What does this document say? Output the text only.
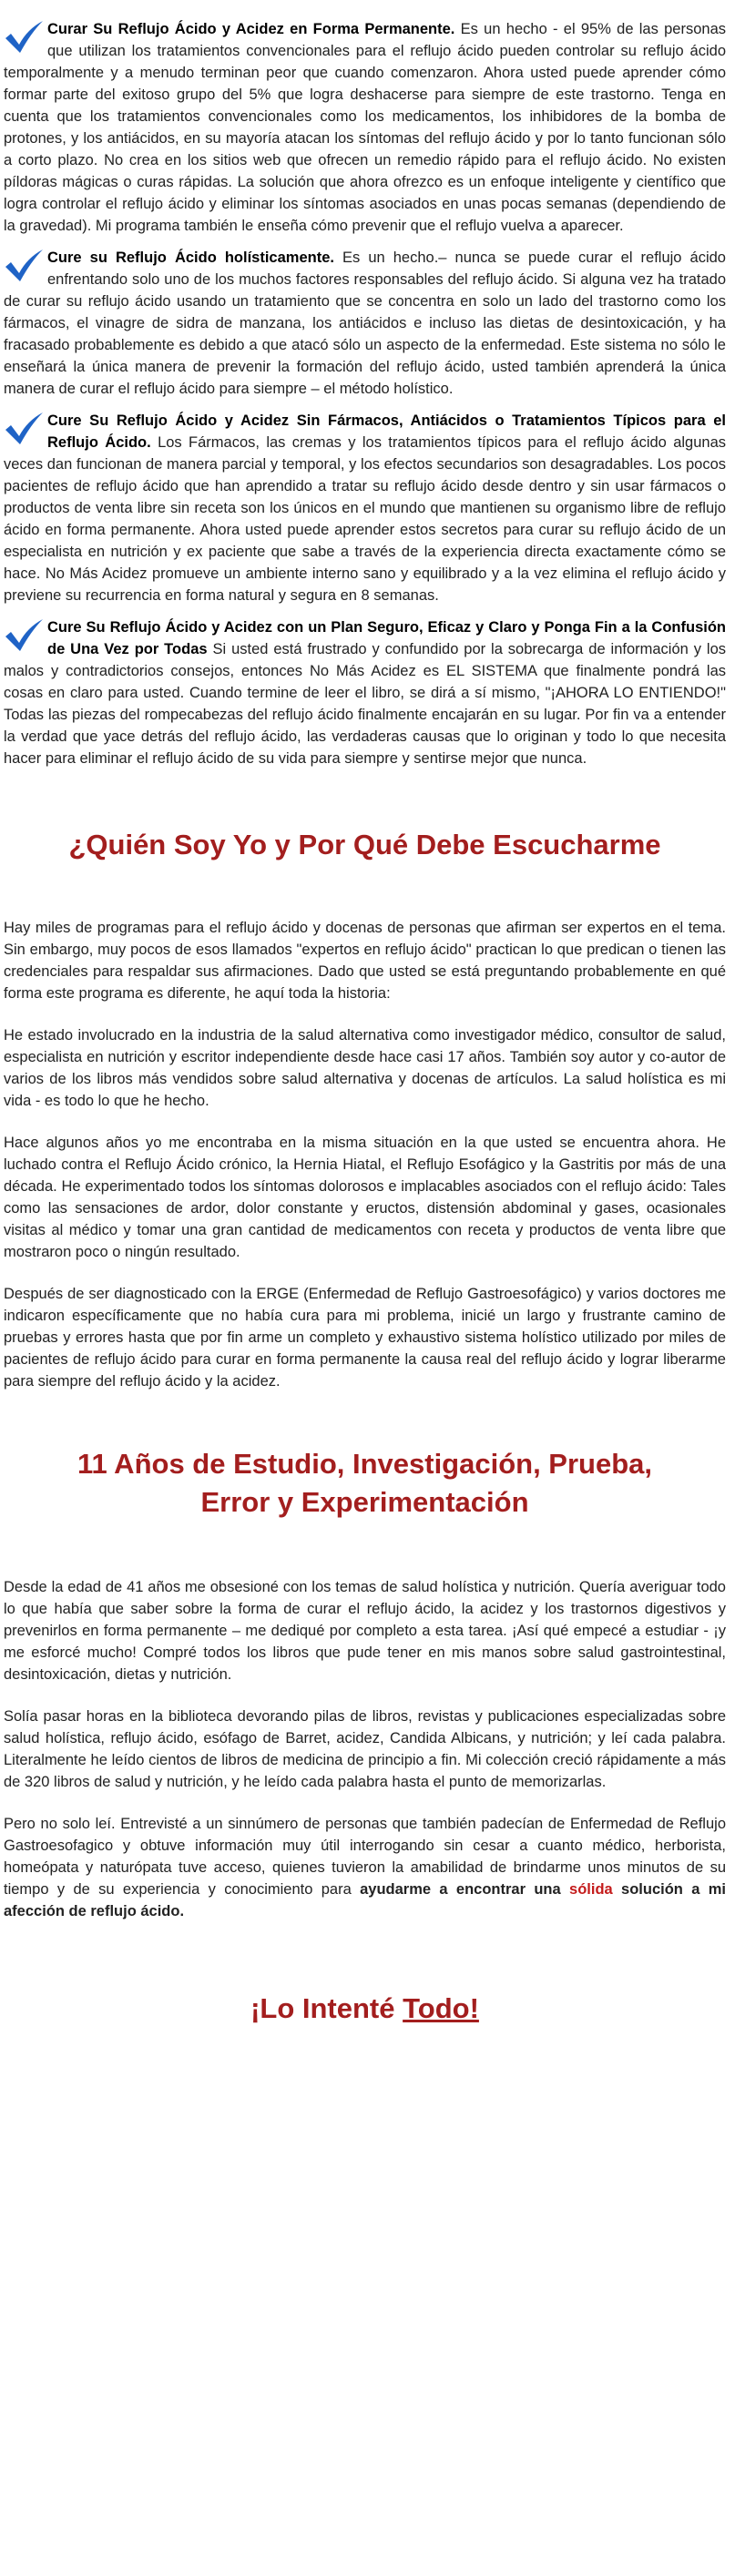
Curar Su Reflujo Ácido y Acidez en Forma Permanente. Es un hecho - el 95% de las personas que utilizan los tratamientos convencionales para el reflujo ácido pueden controlar su reflujo ácido temporalmente y a menudo terminan peor que cuando comenzaron. Ahora usted puede aprender cómo formar parte del exitoso grupo del 5% que logra deshacerse para siempre de este trastorno. Tenga en cuenta que los tratamientos convencionales como los medicamentos, los inhibidores de la bomba de protones, y los antiácidos, en su mayoría atacan los síntomas del reflujo ácido y por lo tanto funcionan sólo a corto plazo. No crea en los sitios web que ofrecen un remedio rápido para el reflujo ácido. No existen píldoras mágicas o curas rápidas. La solución que ahora ofrezco es un enfoque inteligente y científico que logra controlar el reflujo ácido y eliminar los síntomas asociados en unas pocas semanas (dependiendo de la gravedad). Mi programa también le enseña cómo prevenir que el reflujo vuelva a aparecer.

Cure su Reflujo Ácido holísticamente. Es un hecho.– nunca se puede curar el reflujo ácido enfrentando solo uno de los muchos factores responsables del reflujo ácido. Si alguna vez ha tratado de curar su reflujo ácido usando un tratamiento que se concentra en solo un lado del trastorno como los fármacos, el vinagre de sidra de manzana, los antiácidos e incluso las dietas de desintoxicación, y ha fracasado probablemente es debido a que atacó sólo un aspecto de la enfermedad. Este sistema no sólo le enseñará la única manera de prevenir la formación del reflujo ácido, usted también aprenderá la única manera de curar el reflujo ácido para siempre – el método holístico.

Cure Su Reflujo Ácido y Acidez Sin Fármacos, Antiácidos o Tratamientos Típicos para el Reflujo Ácido. Los Fármacos, las cremas y los tratamientos típicos para el reflujo ácido algunas veces dan funcionan de manera parcial y temporal, y los efectos secundarios son desagradables. Los pocos pacientes de reflujo ácido que han aprendido a tratar su reflujo ácido desde dentro y sin usar fármacos o productos de venta libre sin receta son los únicos en el mundo que mantienen su organismo libre de reflujo ácido en forma permanente. Ahora usted puede aprender estos secretos para curar su reflujo ácido de un especialista en nutrición y ex paciente que sabe a través de la experiencia directa exactamente cómo se hace. No Más Acidez promueve un ambiente interno sano y equilibrado y a la vez elimina el reflujo ácido y previene su recurrencia en forma natural y segura en 8 semanas.

Cure Su Reflujo Ácido y Acidez con un Plan Seguro, Eficaz y Claro y Ponga Fin a la Confusión de Una Vez por Todas Si usted está frustrado y confundido por la sobrecarga de información y los malos y contradictorios consejos, entonces No Más Acidez es EL SISTEMA que finalmente pondrá las cosas en claro para usted. Cuando termine de leer el libro, se dirá a sí mismo, "¡AHORA LO ENTIENDO!" Todas las piezas del rompecabezas del reflujo ácido finalmente encajarán en su lugar. Por fin va a entender la verdad que yace detrás del reflujo ácido, las verdaderas causas que lo originan y todo lo que necesita hacer para eliminar el reflujo ácido de su vida para siempre y sentirse mejor que nunca.

¿Quién Soy Yo y Por Qué Debe Escucharme

Hay miles de programas para el reflujo ácido y docenas de personas que afirman ser expertos en el tema. Sin embargo, muy pocos de esos llamados "expertos en reflujo ácido" practican lo que predican o tienen las credenciales para respaldar sus afirmaciones. Dado que usted se está preguntando probablemente en qué forma este programa es diferente, he aquí toda la historia:

He estado involucrado en la industria de la salud alternativa como investigador médico, consultor de salud, especialista en nutrición y escritor independiente desde hace casi 17 años. También soy autor y co-autor de varios de los libros más vendidos sobre salud alternativa y docenas de artículos. La salud holística es mi vida - es todo lo que he hecho.

Hace algunos años yo me encontraba en la misma situación en la que usted se encuentra ahora. He luchado contra el Reflujo Ácido crónico, la Hernia Hiatal, el Reflujo Esofágico y la Gastritis por más de una década. He experimentado todos los síntomas dolorosos e implacables asociados con el reflujo ácido: Tales como las sensaciones de ardor, dolor constante y eructos, distensión abdominal y gases, ocasionales visitas al médico y tomar una gran cantidad de medicamentos con receta y productos de venta libre que mostraron poco o ningún resultado.

Después de ser diagnosticado con la ERGE (Enfermedad de Reflujo Gastroesofágico) y varios doctores me indicaron específicamente que no había cura para mi problema, inicié un largo y frustrante camino de pruebas y errores hasta que por fin arme un completo y exhaustivo sistema holístico utilizado por miles de pacientes de reflujo ácido para curar en forma permanente la causa real del reflujo ácido y lograr liberarme para siempre del reflujo ácido y la acidez.

11 Años de Estudio, Investigación, Prueba,
Error y Experimentación

Desde la edad de 41 años me obsesioné con los temas de salud holística y nutrición. Quería averiguar todo lo que había que saber sobre la forma de curar el reflujo ácido, la acidez y los trastornos digestivos y prevenirlos en forma permanente – me dediqué por completo a esta tarea. ¡Así qué empecé a estudiar - ¡y me esforcé mucho! Compré todos los libros que pude tener en mis manos sobre salud gastrointestinal, desintoxicación, dietas y nutrición.

Solía pasar horas en la biblioteca devorando pilas de libros, revistas y publicaciones especializadas sobre salud holística, reflujo ácido, esófago de Barret, acidez, Candida Albicans, y nutrición; y leí cada palabra. Literalmente he leído cientos de libros de medicina de principio a fin. Mi colección creció rápidamente a más de 320 libros de salud y nutrición, y he leído cada palabra hasta el punto de memorizarlas.

Pero no solo leí. Entrevisté a un sinnúmero de personas que también padecían de Enfermedad de Reflujo Gastroesofagico y obtuve información muy útil interrogando sin cesar a cuanto médico, herborista, homeópata y naturópata tuve acceso, quienes tuvieron la amabilidad de brindarme unos minutos de su tiempo y de su experiencia y conocimiento para ayudarme a encontrar una sólida solución a mi afección de reflujo ácido.

¡Lo Intenté Todo!
